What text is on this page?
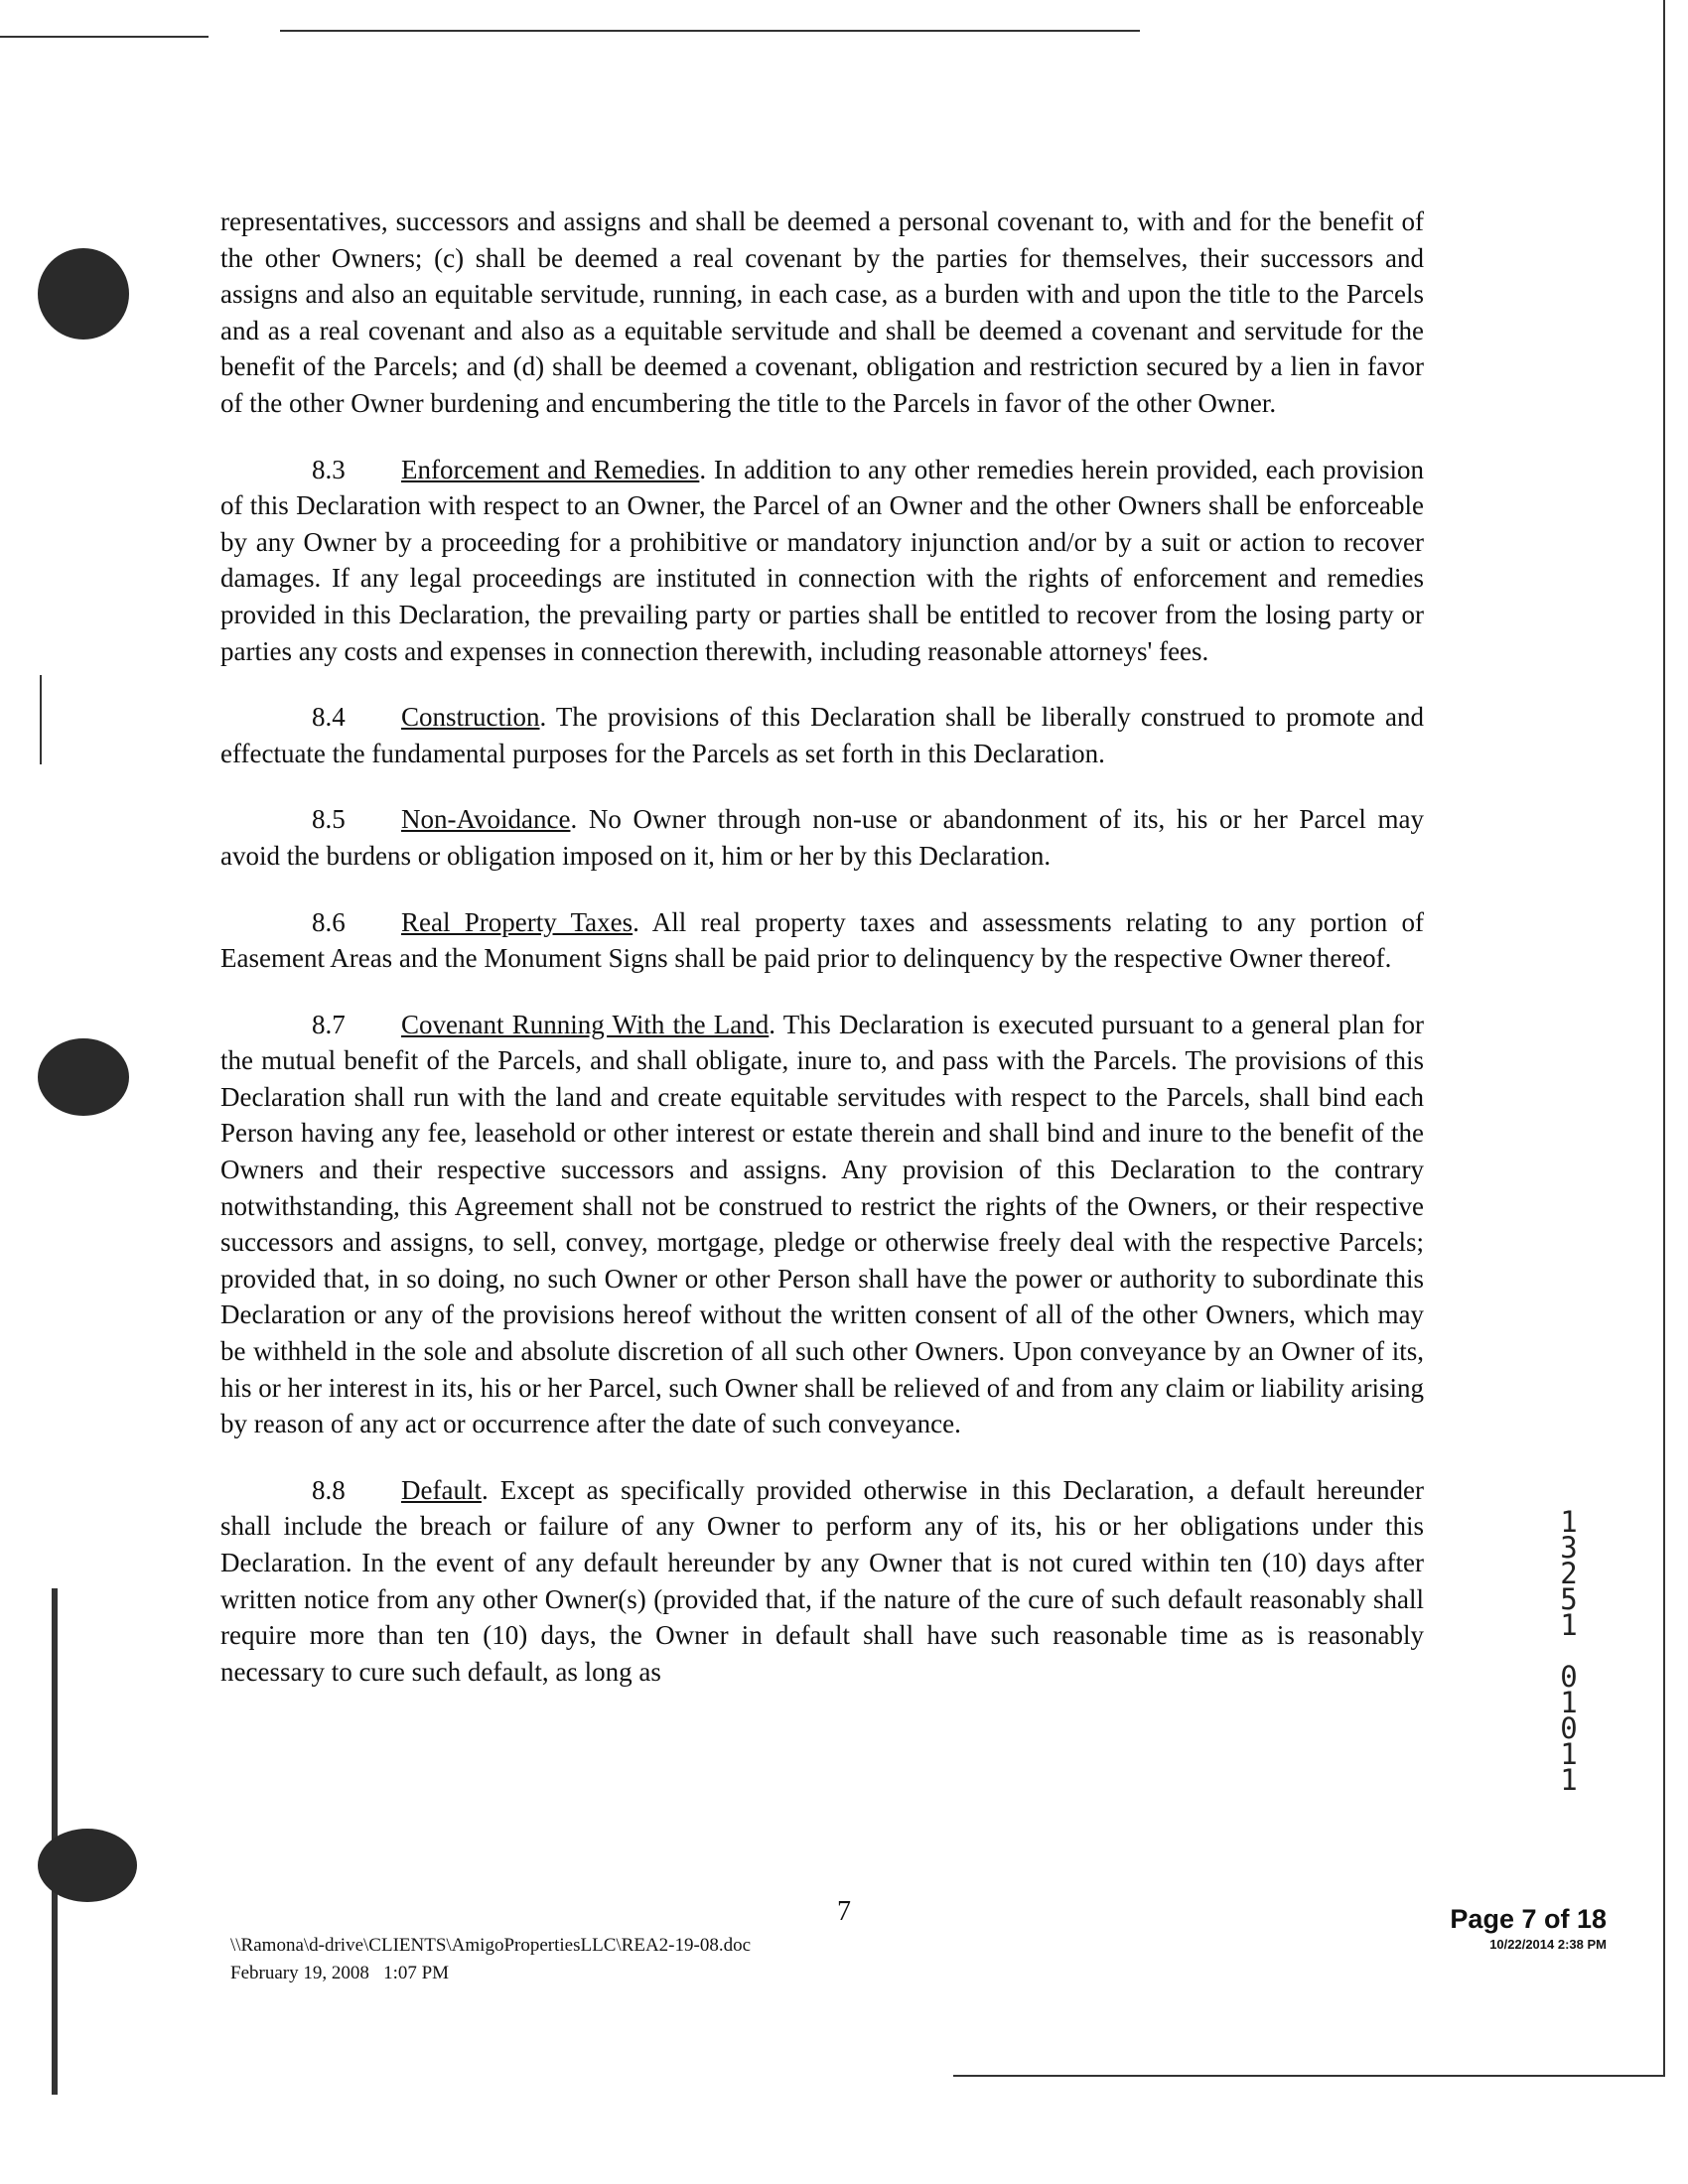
representatives, successors and assigns and shall be deemed a personal covenant to, with and for the benefit of the other Owners; (c) shall be deemed a real covenant by the parties for themselves, their successors and assigns and also an equitable servitude, running, in each case, as a burden with and upon the title to the Parcels and as a real covenant and also as a equitable servitude and shall be deemed a covenant and servitude for the benefit of the Parcels; and (d) shall be deemed a covenant, obligation and restriction secured by a lien in favor of the other Owner burdening and encumbering the title to the Parcels in favor of the other Owner.

8.3 Enforcement and Remedies. In addition to any other remedies herein provided, each provision of this Declaration with respect to an Owner, the Parcel of an Owner and the other Owners shall be enforceable by any Owner by a proceeding for a prohibitive or mandatory injunction and/or by a suit or action to recover damages. If any legal proceedings are instituted in connection with the rights of enforcement and remedies provided in this Declaration, the prevailing party or parties shall be entitled to recover from the losing party or parties any costs and expenses in connection therewith, including reasonable attorneys' fees.

8.4 Construction. The provisions of this Declaration shall be liberally construed to promote and effectuate the fundamental purposes for the Parcels as set forth in this Declaration.

8.5 Non-Avoidance. No Owner through non-use or abandonment of its, his or her Parcel may avoid the burdens or obligation imposed on it, him or her by this Declaration.

8.6 Real Property Taxes. All real property taxes and assessments relating to any portion of Easement Areas and the Monument Signs shall be paid prior to delinquency by the respective Owner thereof.

8.7 Covenant Running With the Land. This Declaration is executed pursuant to a general plan for the mutual benefit of the Parcels, and shall obligate, inure to, and pass with the Parcels. The provisions of this Declaration shall run with the land and create equitable servitudes with respect to the Parcels, shall bind each Person having any fee, leasehold or other interest or estate therein and shall bind and inure to the benefit of the Owners and their respective successors and assigns. Any provision of this Declaration to the contrary notwithstanding, this Agreement shall not be construed to restrict the rights of the Owners, or their respective successors and assigns, to sell, convey, mortgage, pledge or otherwise freely deal with the respective Parcels; provided that, in so doing, no such Owner or other Person shall have the power or authority to subordinate this Declaration or any of the provisions hereof without the written consent of all of the other Owners, which may be withheld in the sole and absolute discretion of all such other Owners. Upon conveyance by an Owner of its, his or her interest in its, his or her Parcel, such Owner shall be relieved of and from any claim or liability arising by reason of any act or occurrence after the date of such conveyance.

8.8 Default. Except as specifically provided otherwise in this Declaration, a default hereunder shall include the breach or failure of any Owner to perform any of its, his or her obligations under this Declaration. In the event of any default hereunder by any Owner that is not cured within ten (10) days after written notice from any other Owner(s) (provided that, if the nature of the cure of such default reasonably shall require more than ten (10) days, the Owner in default shall have such reasonable time as is reasonably necessary to cure such default, as long as

7
\\Ramona\d-drive\CLIENTS\AmigoPropertiesLLC\REA2-19-08.doc
February 19, 2008   1:07 PM
Page 7 of 18
10/22/2014 2:38 PM
1
3
2
5
1
0
1
0
1
1
